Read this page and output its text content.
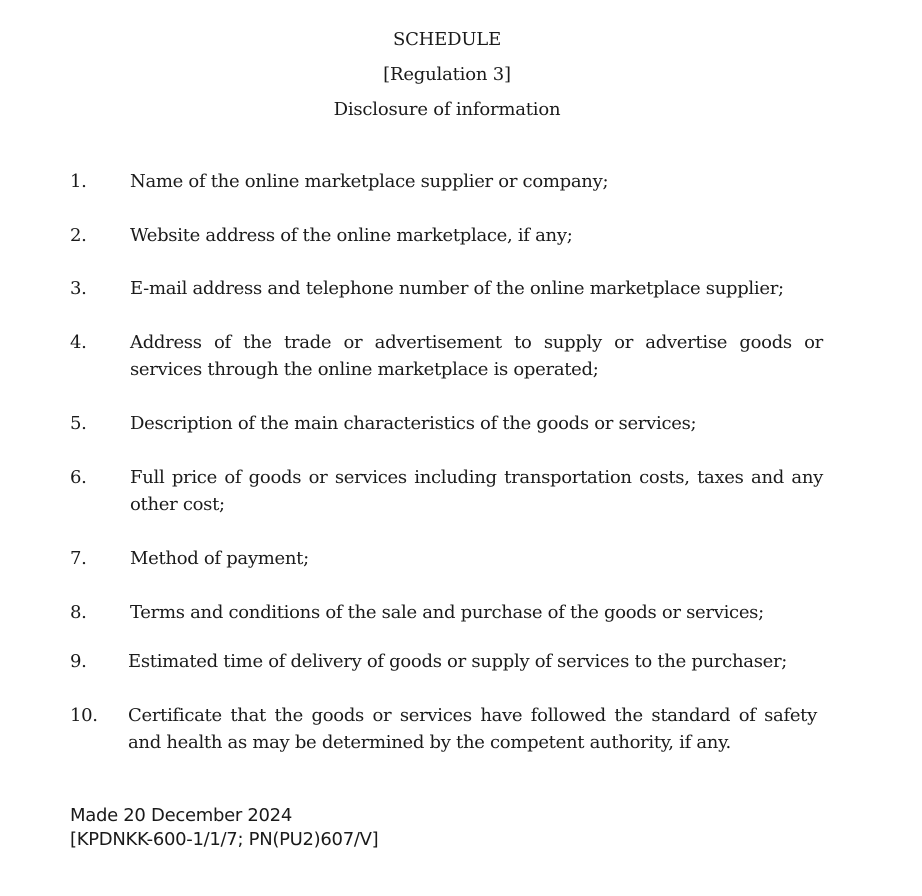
SCHEDULE
[Regulation 3]
Disclosure of information
1. Name of the online marketplace supplier or company;
2. Website address of the online marketplace, if any;
3. E-mail address and telephone number of the online marketplace supplier;
4. Address of the trade or advertisement to supply or advertise goods or services through the online marketplace is operated;
5. Description of the main characteristics of the goods or services;
6. Full price of goods or services including transportation costs, taxes and any other cost;
7. Method of payment;
8. Terms and conditions of the sale and purchase of the goods or services;
9. Estimated time of delivery of goods or supply of services to the purchaser;
10. Certificate that the goods or services have followed the standard of safety and health as may be determined by the competent authority, if any.
Made 20 December 2024
[KPDNKK-600-1/1/7; PN(PU2)607/V]
